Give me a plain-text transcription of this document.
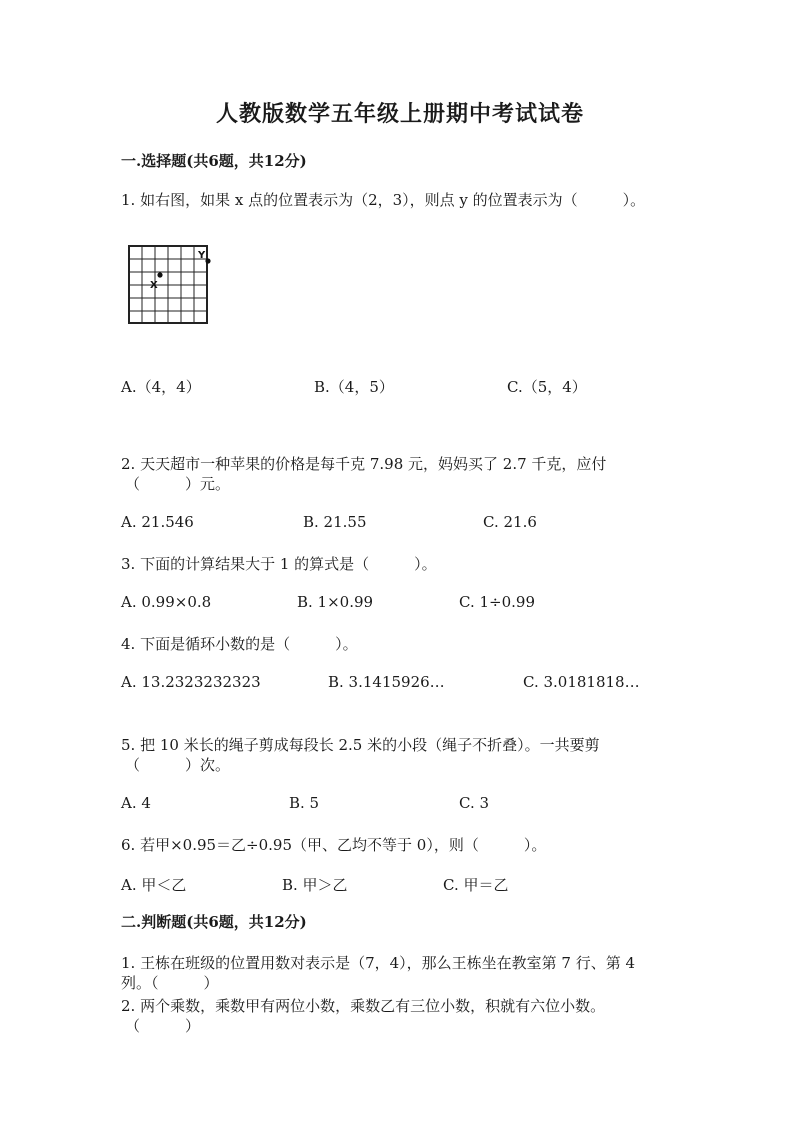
人教版数学五年级上册期中考试试卷
一.选择题(共6题，共12分)
1. 如右图，如果 x 点的位置表示为（2，3），则点 y 的位置表示为（　　　）。
X
Y
A.（4，4）	B.（4，5）	C.（5，4）
2. 天天超市一种苹果的价格是每千克 7.98 元，妈妈买了 2.7 千克，应付
（　　　）元。
A. 21.546	B. 21.55	C. 21.6
3. 下面的计算结果大于 1 的算式是（　　　）。
A. 0.99×0.8	B. 1×0.99	C. 1÷0.99
4. 下面是循环小数的是（　　　）。
A. 13.2323232323	B. 3.1415926…	C. 3.0181818…
5. 把 10 米长的绳子剪成每段长 2.5 米的小段（绳子不折叠）。一共要剪
（　　　）次。
A. 4	B. 5	C. 3
6. 若甲×0.95＝乙÷0.95（甲、乙均不等于 0），则（　　　）。
A. 甲＜乙	B. 甲＞乙	C. 甲＝乙
二.判断题(共6题，共12分)
1. 王栋在班级的位置用数对表示是（7，4），那么王栋坐在教室第 7 行、第 4
列。（　　　）
2. 两个乘数，乘数甲有两位小数，乘数乙有三位小数，积就有六位小数。
（　　　）
